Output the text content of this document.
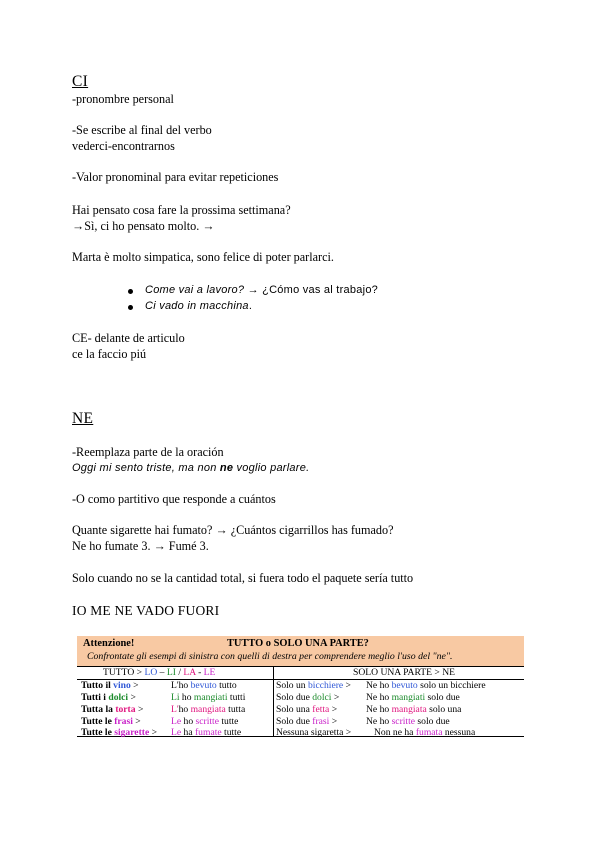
CI
-pronombre personal
-Se escribe al final del verbo
vederci-encontrarnos
-Valor pronominal para evitar repeticiones
Hai pensato cosa fare la prossima settimana?
→Sì, ci ho pensato molto. →
Marta è molto simpatica, sono felice di poter parlarci.
Come vai a lavoro? → ¿Cómo vas al trabajo?
Ci vado in macchina.
CE- delante de articulo
ce la faccio piú
NE
-Reemplaza parte de la oración
Oggi mi sento triste, ma non ne voglio parlare.
-O como partitivo que responde a cuántos
Quante sigarette hai fumato? → ¿Cuántos cigarrillos has fumado?
Ne ho fumate 3. → Fumé 3.
Solo cuando no se la cantidad total, si fuera todo el paquete sería tutto
IO ME NE VADO FUORI
Attenzione!	TUTTO o SOLO UNA PARTE?
Confrontate gli esempi di sinistra con quelli di destra per comprendere meglio l'uso del "ne".
TUTTO > LO – LI / LA - LE	SOLO UNA PARTE > NE
Tutto il vino >	L'ho bevuto tutto	Solo un bicchiere > Ne ho bevuto solo un bicchiere
Tutti i dolci >	Li ho mangiati tutti	Solo due dolci >	Ne ho mangiati solo due
Tutta la torta >	L'ho mangiata tutta	Solo una fetta >	Ne ho mangiata solo una
Tutte le frasi >	Le ho scritte tutte	Solo due frasi >	Ne ho scritte solo due
Tutte le sigarette > Le ha fumate tutte	Nessuna sigaretta > Non ne ha fumata nessuna
